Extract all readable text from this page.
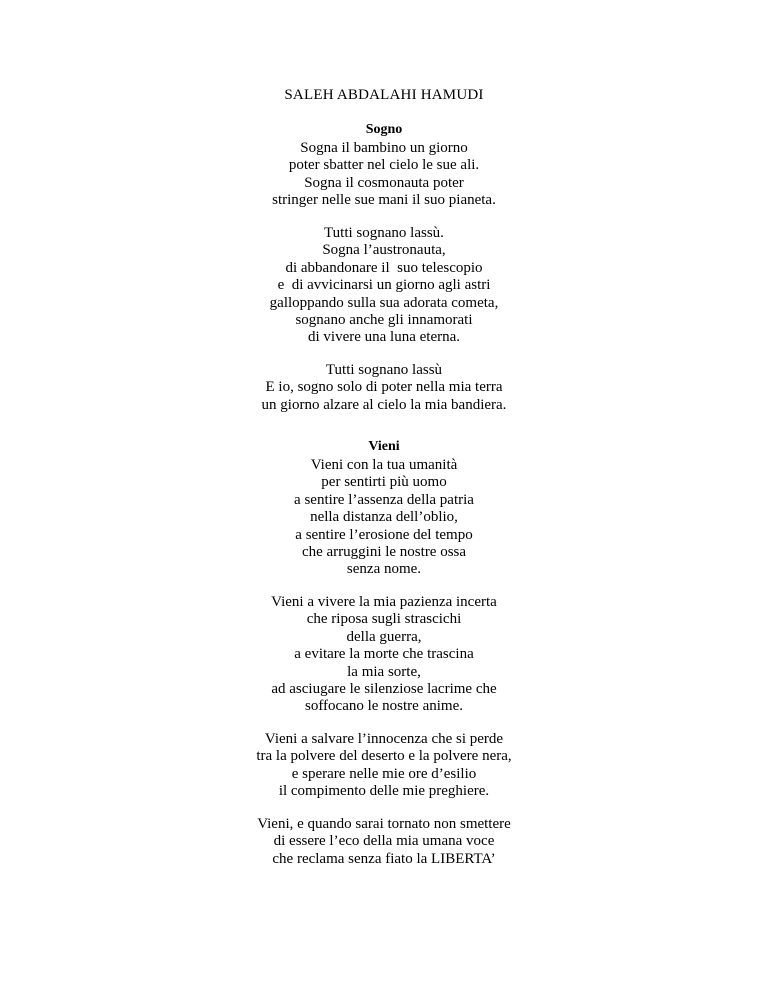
SALEH ABDALAHI HAMUDI
Sogno
Sogna il bambino un giorno
poter sbatter nel cielo le sue ali.
Sogna il cosmonauta poter
stringer nelle sue mani il suo pianeta.
Tutti sognano lassù.
Sogna l’austronauta,
di abbandonare il  suo telescopio
e  di avvicinarsi un giorno agli astri
galloppando sulla sua adorata cometa,
sognano anche gli innamorati
di vivere una luna eterna.
Tutti sognano lassù
E io, sogno solo di poter nella mia terra
un giorno alzare al cielo la mia bandiera.
Vieni
Vieni con la tua umanità
per sentirti più uomo
a sentire l’assenza della patria
nella distanza dell’oblio,
a sentire l’erosione del tempo
che arruggini le nostre ossa
senza nome.
Vieni a vivere la mia pazienza incerta
che riposa sugli strascichi
della guerra,
a evitare la morte che trascina
la mia sorte,
ad asciugare le silenziose lacrime che
soffocano le nostre anime.
Vieni a salvare l’innocenza che si perde
tra la polvere del deserto e la polvere nera,
e sperare nelle mie ore d’esilio
il compimento delle mie preghiere.
Vieni, e quando sarai tornato non smettere
di essere l’eco della mia umana voce
che reclama senza fiato la LIBERTA’
